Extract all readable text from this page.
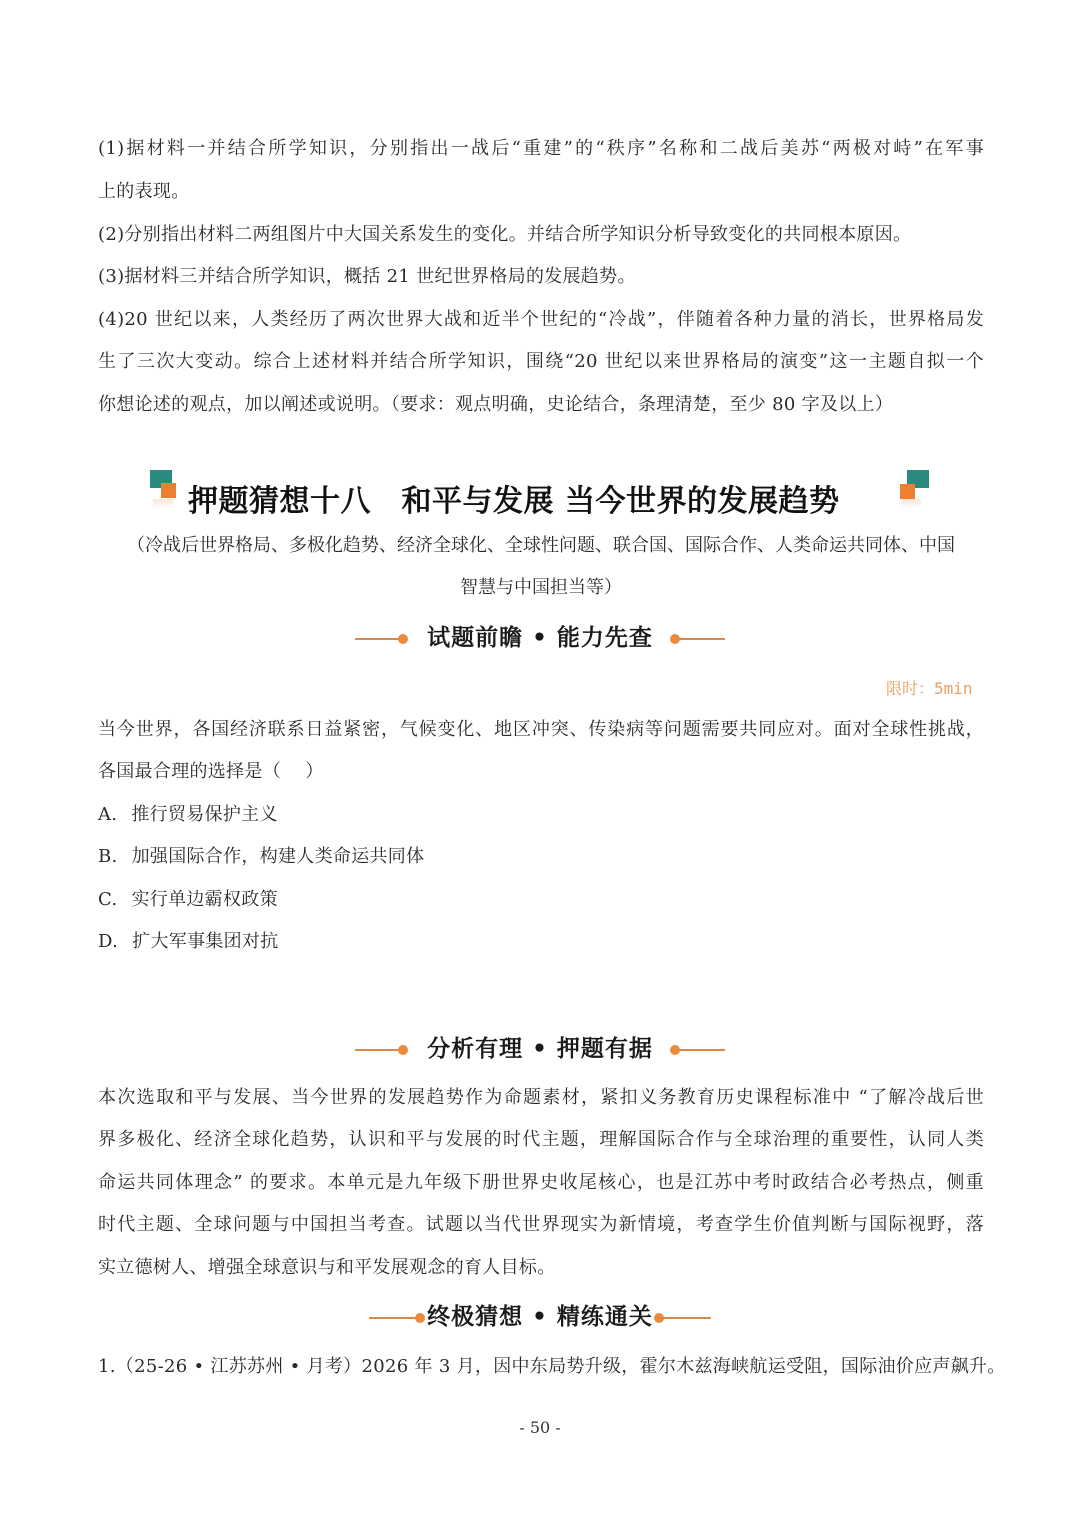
(1)据材料一并结合所学知识，分别指出一战后“重建”的“秩序”名称和二战后美苏“两极对峙”在军事
上的表现。
(2)分别指出材料二两组图片中大国关系发生的变化。并结合所学知识分析导致变化的共同根本原因。
(3)据材料三并结合所学知识，概括 21 世纪世界格局的发展趋势。
(4)20 世纪以来，人类经历了两次世界大战和近半个世纪的“冷战”，伴随着各种力量的消长，世界格局发
生了三次大变动。综合上述材料并结合所学知识，围绕“20 世纪以来世界格局的演变”这一主题自拟一个
你想论述的观点，加以阐述或说明。（要求：观点明确，史论结合，条理清楚，至少 80 字及以上）
押题猜想十八　和平与发展 当今世界的发展趋势
（冷战后世界格局、多极化趋势、经济全球化、全球性问题、联合国、国际合作、人类命运共同体、中国
智慧与中国担当等）
试题前瞻 • 能力先查
限时：5min
当今世界，各国经济联系日益紧密，气候变化、地区冲突、传染病等问题需要共同应对。面对全球性挑战，
各国最合理的选择是（　 ）
A. 推行贸易保护主义
B. 加强国际合作，构建人类命运共同体
C. 实行单边霸权政策
D. 扩大军事集团对抗
分析有理 • 押题有据
本次选取和平与发展、当今世界的发展趋势作为命题素材，紧扣义务教育历史课程标准中 “了解冷战后世
界多极化、经济全球化趋势，认识和平与发展的时代主题，理解国际合作与全球治理的重要性，认同人类
命运共同体理念” 的要求。本单元是九年级下册世界史收尾核心，也是江苏中考时政结合必考热点，侧重
时代主题、全球问题与中国担当考查。试题以当代世界现实为新情境，考查学生价值判断与国际视野，落
实立德树人、增强全球意识与和平发展观念的育人目标。
终极猜想 • 精练通关
1.（25-26 • 江苏苏州 • 月考）2026 年 3 月，因中东局势升级，霍尔木兹海峡航运受阻，国际油价应声飙升。
- 50 -
